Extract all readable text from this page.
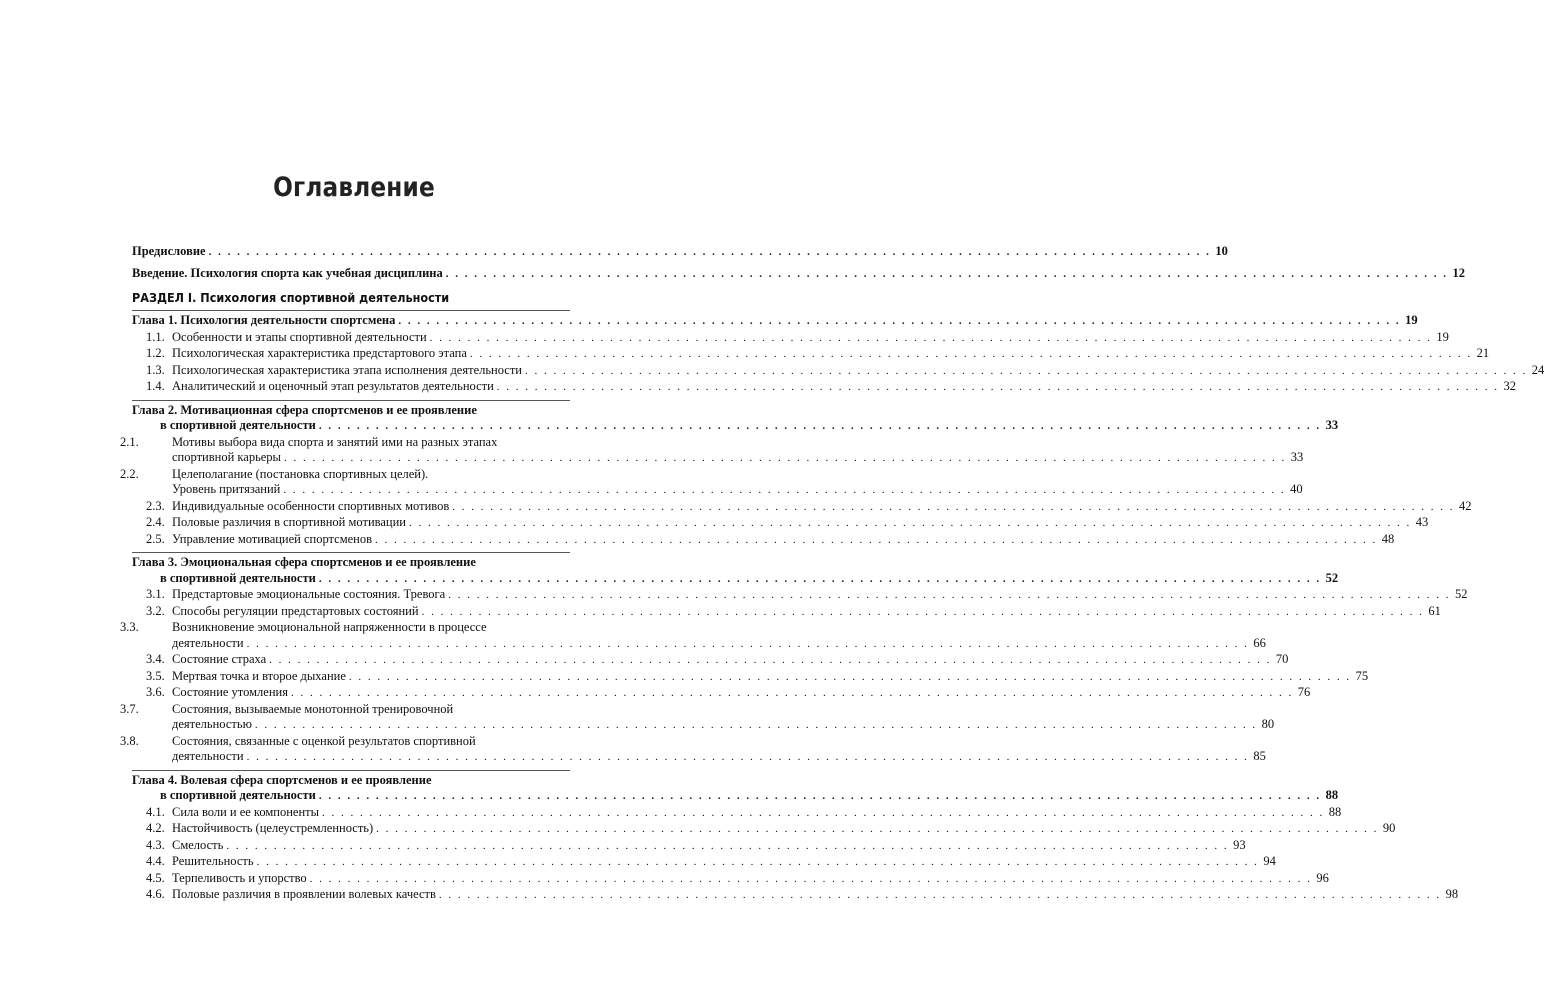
Оглавление
Предисловие . . .	10
Введение. Психология спорта как учебная дисциплина . . .	12
РАЗДЕЛ I. Психология спортивной деятельности
Глава 1. Психология деятельности спортсмена . . .	19
1.1. Особенности и этапы спортивной деятельности . . .	19
1.2. Психологическая характеристика предстартового этапа . . .	21
1.3. Психологическая характеристика этапа исполнения деятельности . . .	24
1.4. Аналитический и оценочный этап результатов деятельности . . .	32
Глава 2. Мотивационная сфера спортсменов и ее проявление
в спортивной деятельности . . .	33
2.1.	Мотивы выбора вида спорта и занятий ими на разных этапах
спортивной карьеры . . .	33
2.2.	Целеполагание (постановка спортивных целей).
Уровень притязаний . . .	40
2.3. Индивидуальные особенности спортивных мотивов . . .	42
2.4. Половые различия в спортивной мотивации . . .	43
2.5. Управление мотивацией спортсменов . . .	48
Глава 3. Эмоциональная сфера спортсменов и ее проявление
в спортивной деятельности . . .	52
3.1. Предстартовые эмоциональные состояния. Тревога . . .	52
3.2. Способы регуляции предстартовых состояний . . .	61
3.3.	Возникновение эмоциональной напряженности в процессе
деятельности . . .	66
3.4. Состояние страха . . .	70
3.5. Мертвая точка и второе дыхание . . .	75
3.6. Состояние утомления . . .	76
3.7.	Состояния, вызываемые монотонной тренировочной
деятельностью . . .	80
3.8.	Состояния, связанные с оценкой результатов спортивной
деятельности . . .	85
Глава 4. Волевая сфера спортсменов и ее проявление
в спортивной деятельности . . .	88
4.1. Сила воли и ее компоненты . . .	88
4.2. Настойчивость (целеустремленность) . . .	90
4.3. Смелость . . .	93
4.4. Решительность . . .	94
4.5. Терпеливость и упорство . . .	96
4.6. Половые различия в проявлении волевых качеств . . .	98
